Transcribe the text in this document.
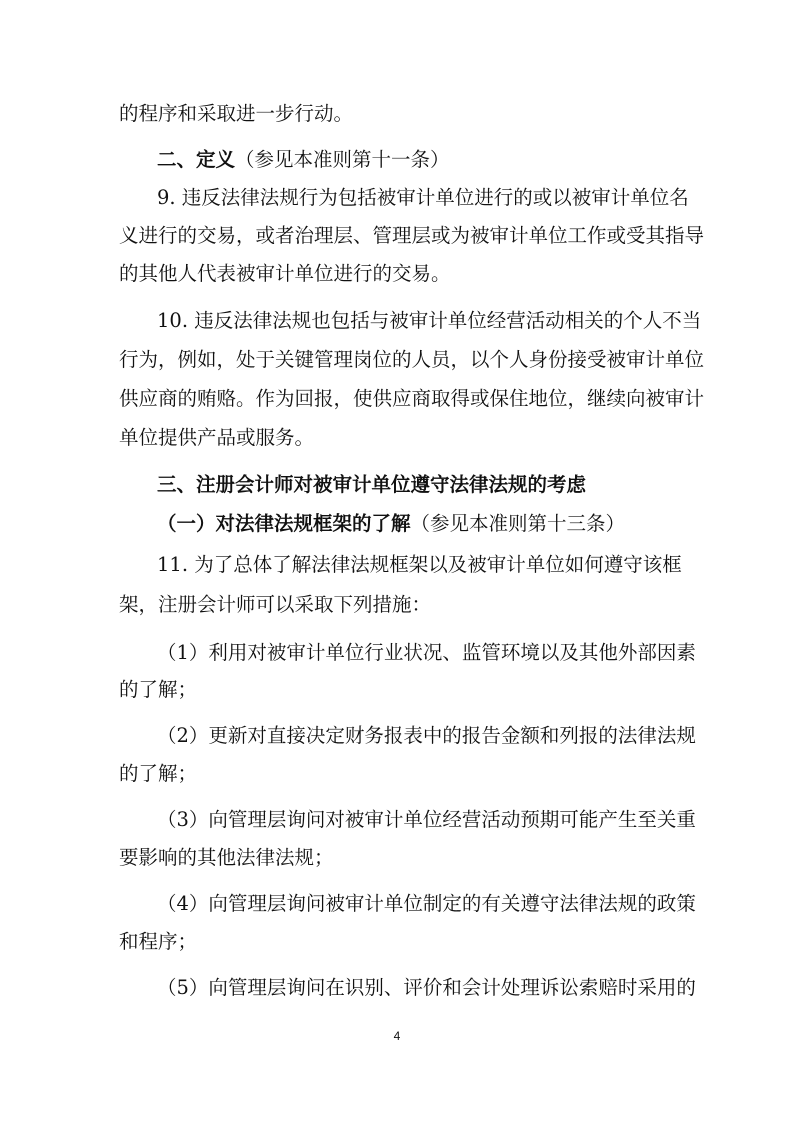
的程序和采取进一步行动。
二、定义（参见本准则第十一条）
9. 违反法律法规行为包括被审计单位进行的或以被审计单位名
义进行的交易，或者治理层、管理层或为被审计单位工作或受其指导
的其他人代表被审计单位进行的交易。
10. 违反法律法规也包括与被审计单位经营活动相关的个人不当
行为，例如，处于关键管理岗位的人员，以个人身份接受被审计单位
供应商的贿赂。作为回报，使供应商取得或保住地位，继续向被审计
单位提供产品或服务。
三、注册会计师对被审计单位遵守法律法规的考虑
（一）对法律法规框架的了解（参见本准则第十三条）
11. 为了总体了解法律法规框架以及被审计单位如何遵守该框
架，注册会计师可以采取下列措施：
（1）利用对被审计单位行业状况、监管环境以及其他外部因素
的了解；
（2）更新对直接决定财务报表中的报告金额和列报的法律法规
的了解；
（3）向管理层询问对被审计单位经营活动预期可能产生至关重
要影响的其他法律法规；
（4）向管理层询问被审计单位制定的有关遵守法律法规的政策
和程序；
（5）向管理层询问在识别、评价和会计处理诉讼索赔时采用的
4
